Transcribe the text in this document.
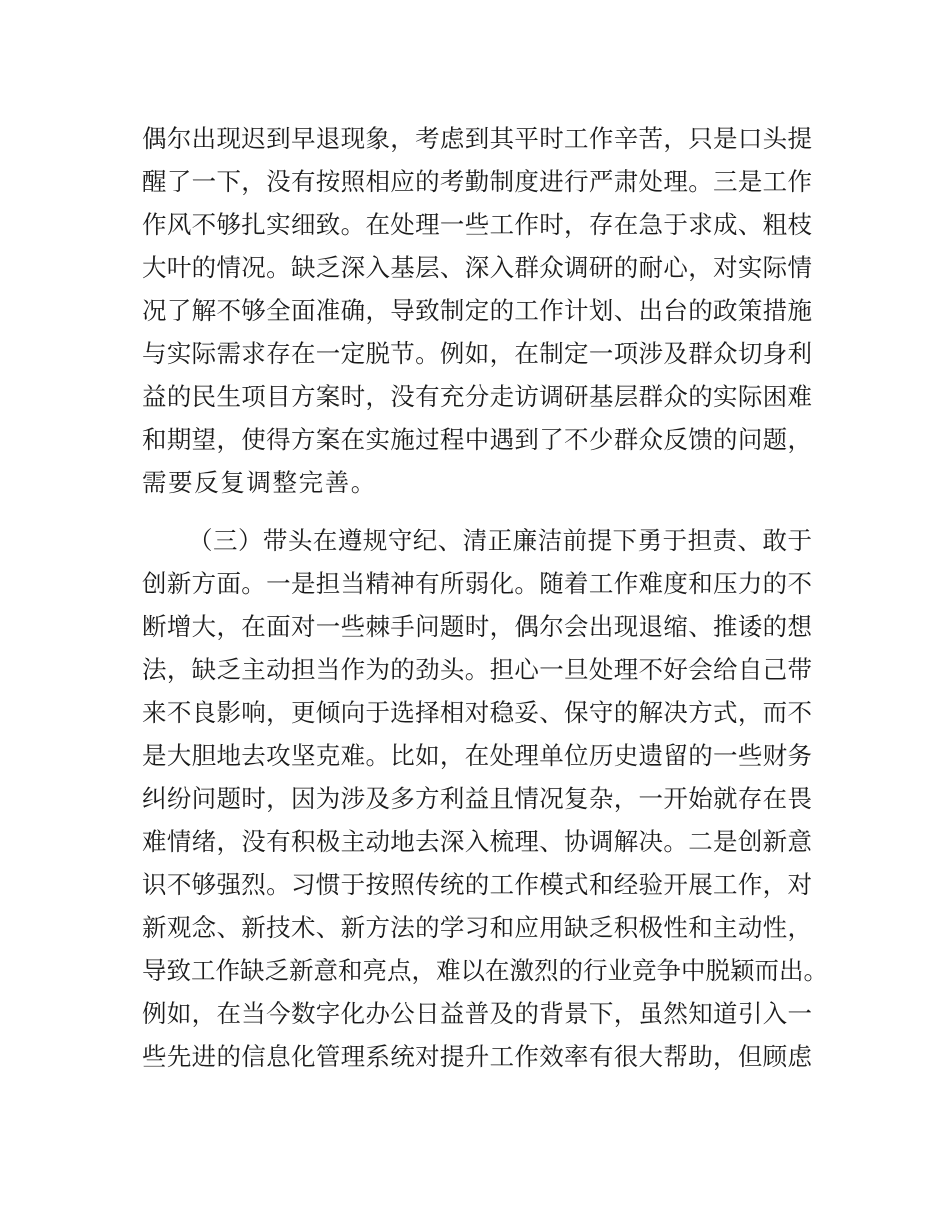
偶尔出现迟到早退现象，考虑到其平时工作辛苦，只是口头提
醒了一下，没有按照相应的考勤制度进行严肃处理。三是工作
作风不够扎实细致。在处理一些工作时，存在急于求成、粗枝
大叶的情况。缺乏深入基层、深入群众调研的耐心，对实际情
况了解不够全面准确，导致制定的工作计划、出台的政策措施
与实际需求存在一定脱节。例如，在制定一项涉及群众切身利
益的民生项目方案时，没有充分走访调研基层群众的实际困难
和期望，使得方案在实施过程中遇到了不少群众反馈的问题，
需要反复调整完善。
（三）带头在遵规守纪、清正廉洁前提下勇于担责、敢于
创新方面。一是担当精神有所弱化。随着工作难度和压力的不
断增大，在面对一些棘手问题时，偶尔会出现退缩、推诿的想
法，缺乏主动担当作为的劲头。担心一旦处理不好会给自己带
来不良影响，更倾向于选择相对稳妥、保守的解决方式，而不
是大胆地去攻坚克难。比如，在处理单位历史遗留的一些财务
纠纷问题时，因为涉及多方利益且情况复杂，一开始就存在畏
难情绪，没有积极主动地去深入梳理、协调解决。二是创新意
识不够强烈。习惯于按照传统的工作模式和经验开展工作，对
新观念、新技术、新方法的学习和应用缺乏积极性和主动性，
导致工作缺乏新意和亮点，难以在激烈的行业竞争中脱颖而出。
例如，在当今数字化办公日益普及的背景下，虽然知道引入一
些先进的信息化管理系统对提升工作效率有很大帮助，但顾虑
